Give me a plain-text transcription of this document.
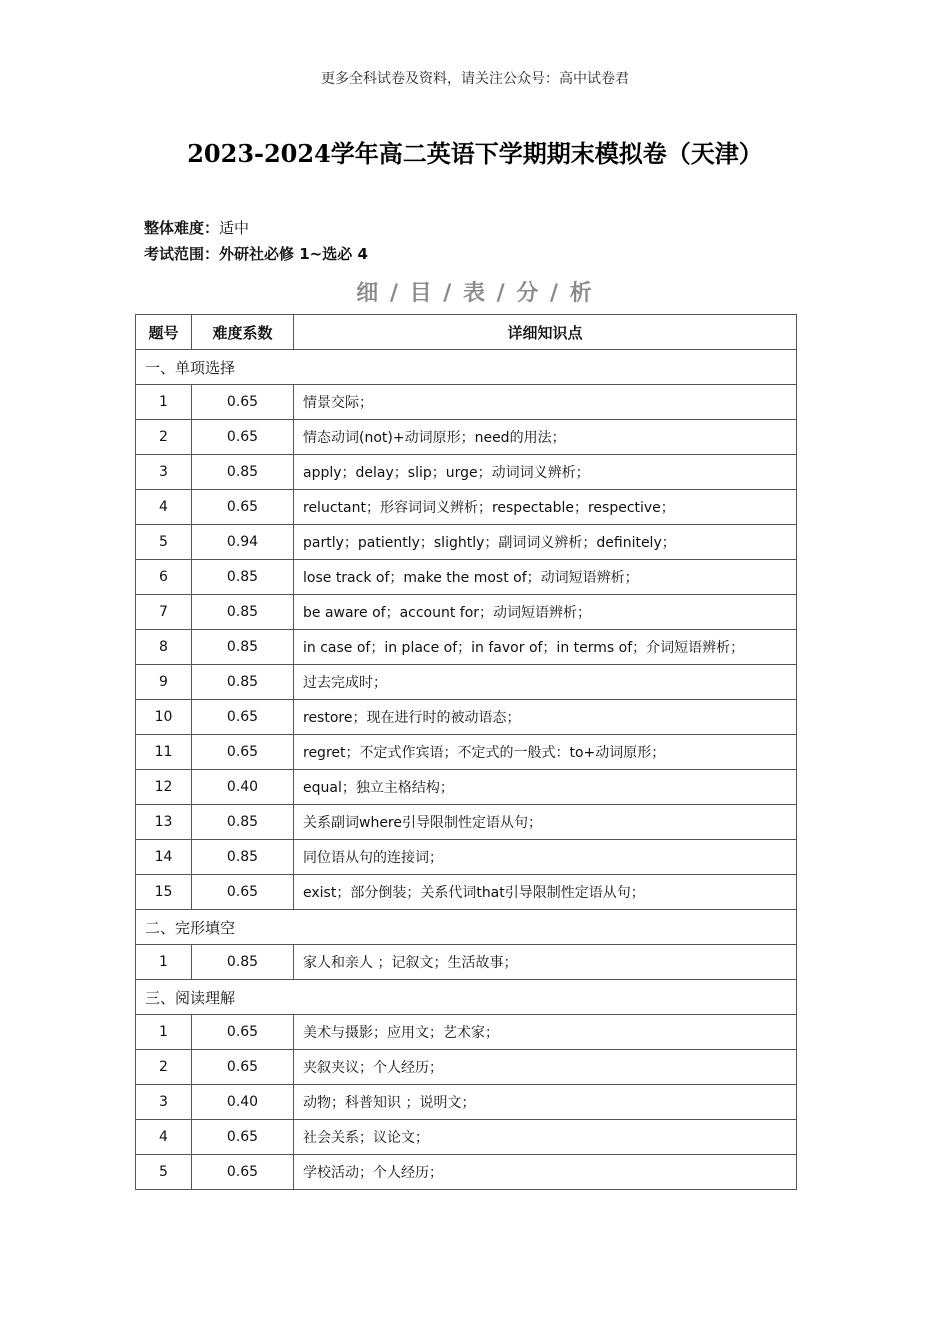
更多全科试卷及资料，请关注公众号：高中试卷君
2023-2024学年高二英语下学期期末模拟卷（天津）
整体难度：适中
考试范围：外研社必修 1~选必 4
细 / 目 / 表 / 分 / 析
题号	难度系数	详细知识点
一、单项选择		
1	0.65	情景交际；
2	0.65	情态动词(not)+动词原形；need的用法；
3	0.85	apply；delay；slip；urge；动词词义辨析；
4	0.65	reluctant；形容词词义辨析；respectable；respective；
5	0.94	partly；patiently；slightly；副词词义辨析；definitely；
6	0.85	lose track of；make the most of；动词短语辨析；
7	0.85	be aware of；account for；动词短语辨析；
8	0.85	in case of；in place of；in favor of；in terms of；介词短语辨析；
9	0.85	过去完成时；
10	0.65	restore；现在进行时的被动语态；
11	0.65	regret；不定式作宾语；不定式的一般式：to+动词原形；
12	0.40	equal；独立主格结构；
13	0.85	关系副词where引导限制性定语从句；
14	0.85	同位语从句的连接词；
15	0.65	exist；部分倒装；关系代词that引导限制性定语从句；
二、完形填空		
1	0.85	家人和亲人 ；记叙文；生活故事；
三、阅读理解		
1	0.65	美术与摄影；应用文；艺术家；
2	0.65	夹叙夹议；个人经历；
3	0.40	动物；科普知识 ；说明文；
4	0.65	社会关系；议论文；
5	0.65	学校活动；个人经历；
